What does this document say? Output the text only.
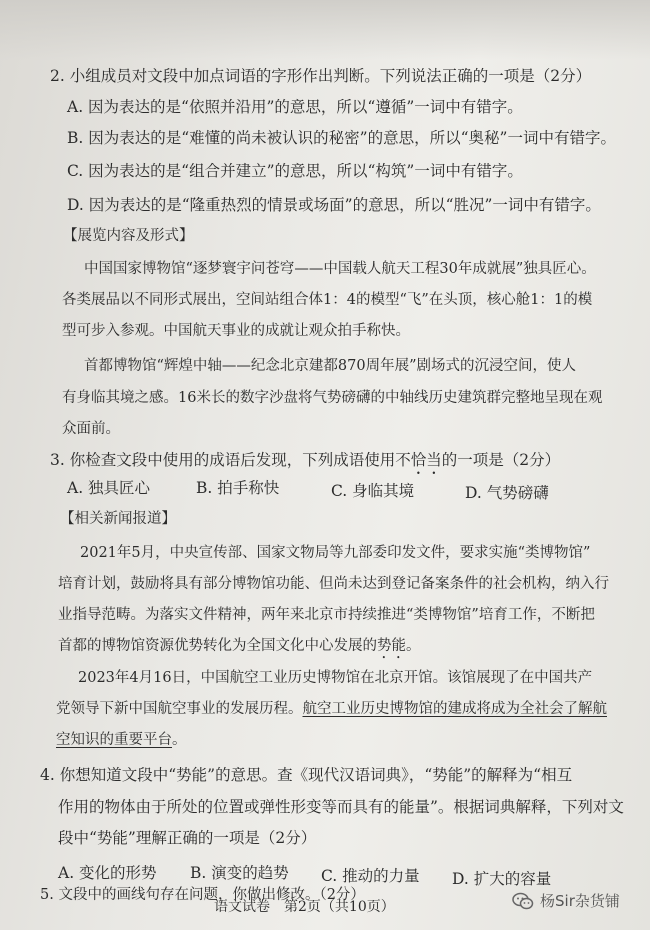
2. 小组成员对文段中加点词语的字形作出判断。下列说法正确的一项是（2分）
A. 因为表达的是“依照并沿用”的意思，所以“遵循”一词中有错字。
B. 因为表达的是“难懂的尚未被认识的秘密”的意思，所以“奥秘”一词中有错字。
C. 因为表达的是“组合并建立”的意思，所以“构筑”一词中有错字。
D. 因为表达的是“隆重热烈的情景或场面”的意思，所以“胜况”一词中有错字。
【展览内容及形式】
中国国家博物馆“逐梦寰宇问苍穹——中国载人航天工程30年成就展”独具匠心。
各类展品以不同形式展出，空间站组合体1：4的模型“飞”在头顶，核心舱1：1的模
型可步入参观。中国航天事业的成就让观众拍手称快。
首都博物馆“辉煌中轴——纪念北京建都870周年展”剧场式的沉浸空间，使人
有身临其境之感。16米长的数字沙盘将气势磅礴的中轴线历史建筑群完整地呈现在观
众面前。
3. 你检查文段中使用的成语后发现，下列成语使用不恰当的一项是（2分）
A. 独具匠心	B. 拍手称快	C. 身临其境	D. 气势磅礴
【相关新闻报道】
2021年5月，中央宣传部、国家文物局等九部委印发文件，要求实施“类博物馆”
培育计划，鼓励将具有部分博物馆功能、但尚未达到登记备案条件的社会机构，纳入行
业指导范畴。为落实文件精神，两年来北京市持续推进“类博物馆”培育工作，不断把
首都的博物馆资源优势转化为全国文化中心发展的势能。
2023年4月16日，中国航空工业历史博物馆在北京开馆。该馆展现了在中国共产
党领导下新中国航空事业的发展历程。航空工业历史博物馆的建成将成为全社会了解航
空知识的重要平台。
4. 你想知道文段中“势能”的意思。查《现代汉语词典》，“势能”的解释为“相互
作用的物体由于所处的位置或弹性形变等而具有的能量”。根据词典解释，下列对文
段中“势能”理解正确的一项是（2分）
A. 变化的形势 B. 演变的趋势 C. 推动的力量 D. 扩大的容量
5. 文段中的画线句存在问题，你做出修改。（2分）
语文试卷　第2页（共10页）	杨Sir杂货铺
